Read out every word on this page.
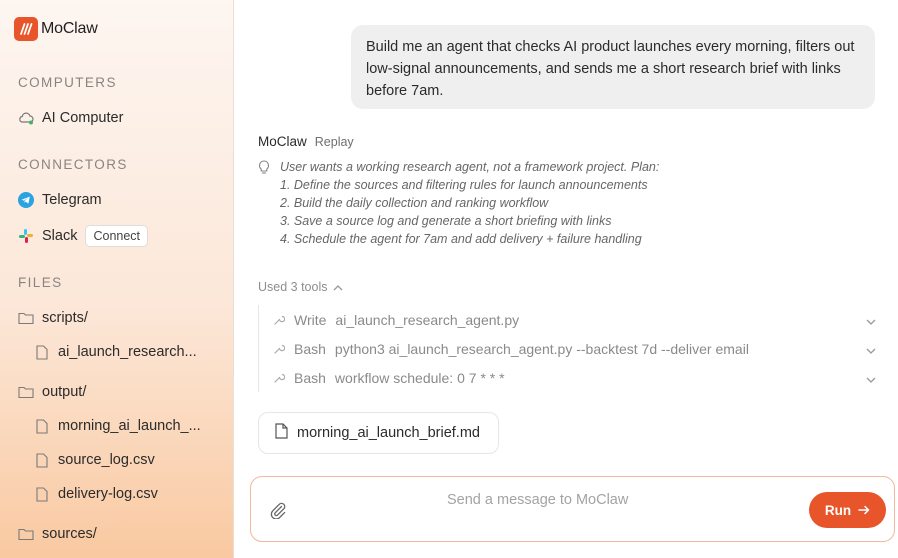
MoClaw
COMPUTERS
AI Computer
CONNECTORS
Telegram
Slack	Connect
FILES
scripts/
ai_launch_research...
output/
morning_ai_launch_...
source_log.csv
delivery-log.csv
sources/
Build me an agent that checks AI product launches every morning, filters out low-signal announcements, and sends me a short research brief with links before 7am.
MoClaw Replay
User wants a working research agent, not a framework project. Plan:
1. Define the sources and filtering rules for launch announcements
2. Build the daily collection and ranking workflow
3. Save a source log and generate a short briefing with links
4. Schedule the agent for 7am and add delivery + failure handling
Used 3 tools
Write ai_launch_research_agent.py
Bash python3 ai_launch_research_agent.py --backtest 7d --deliver email
Bash workflow schedule: 0 7 * * *
morning_ai_launch_brief.md
Send a message to MoClaw
Run
